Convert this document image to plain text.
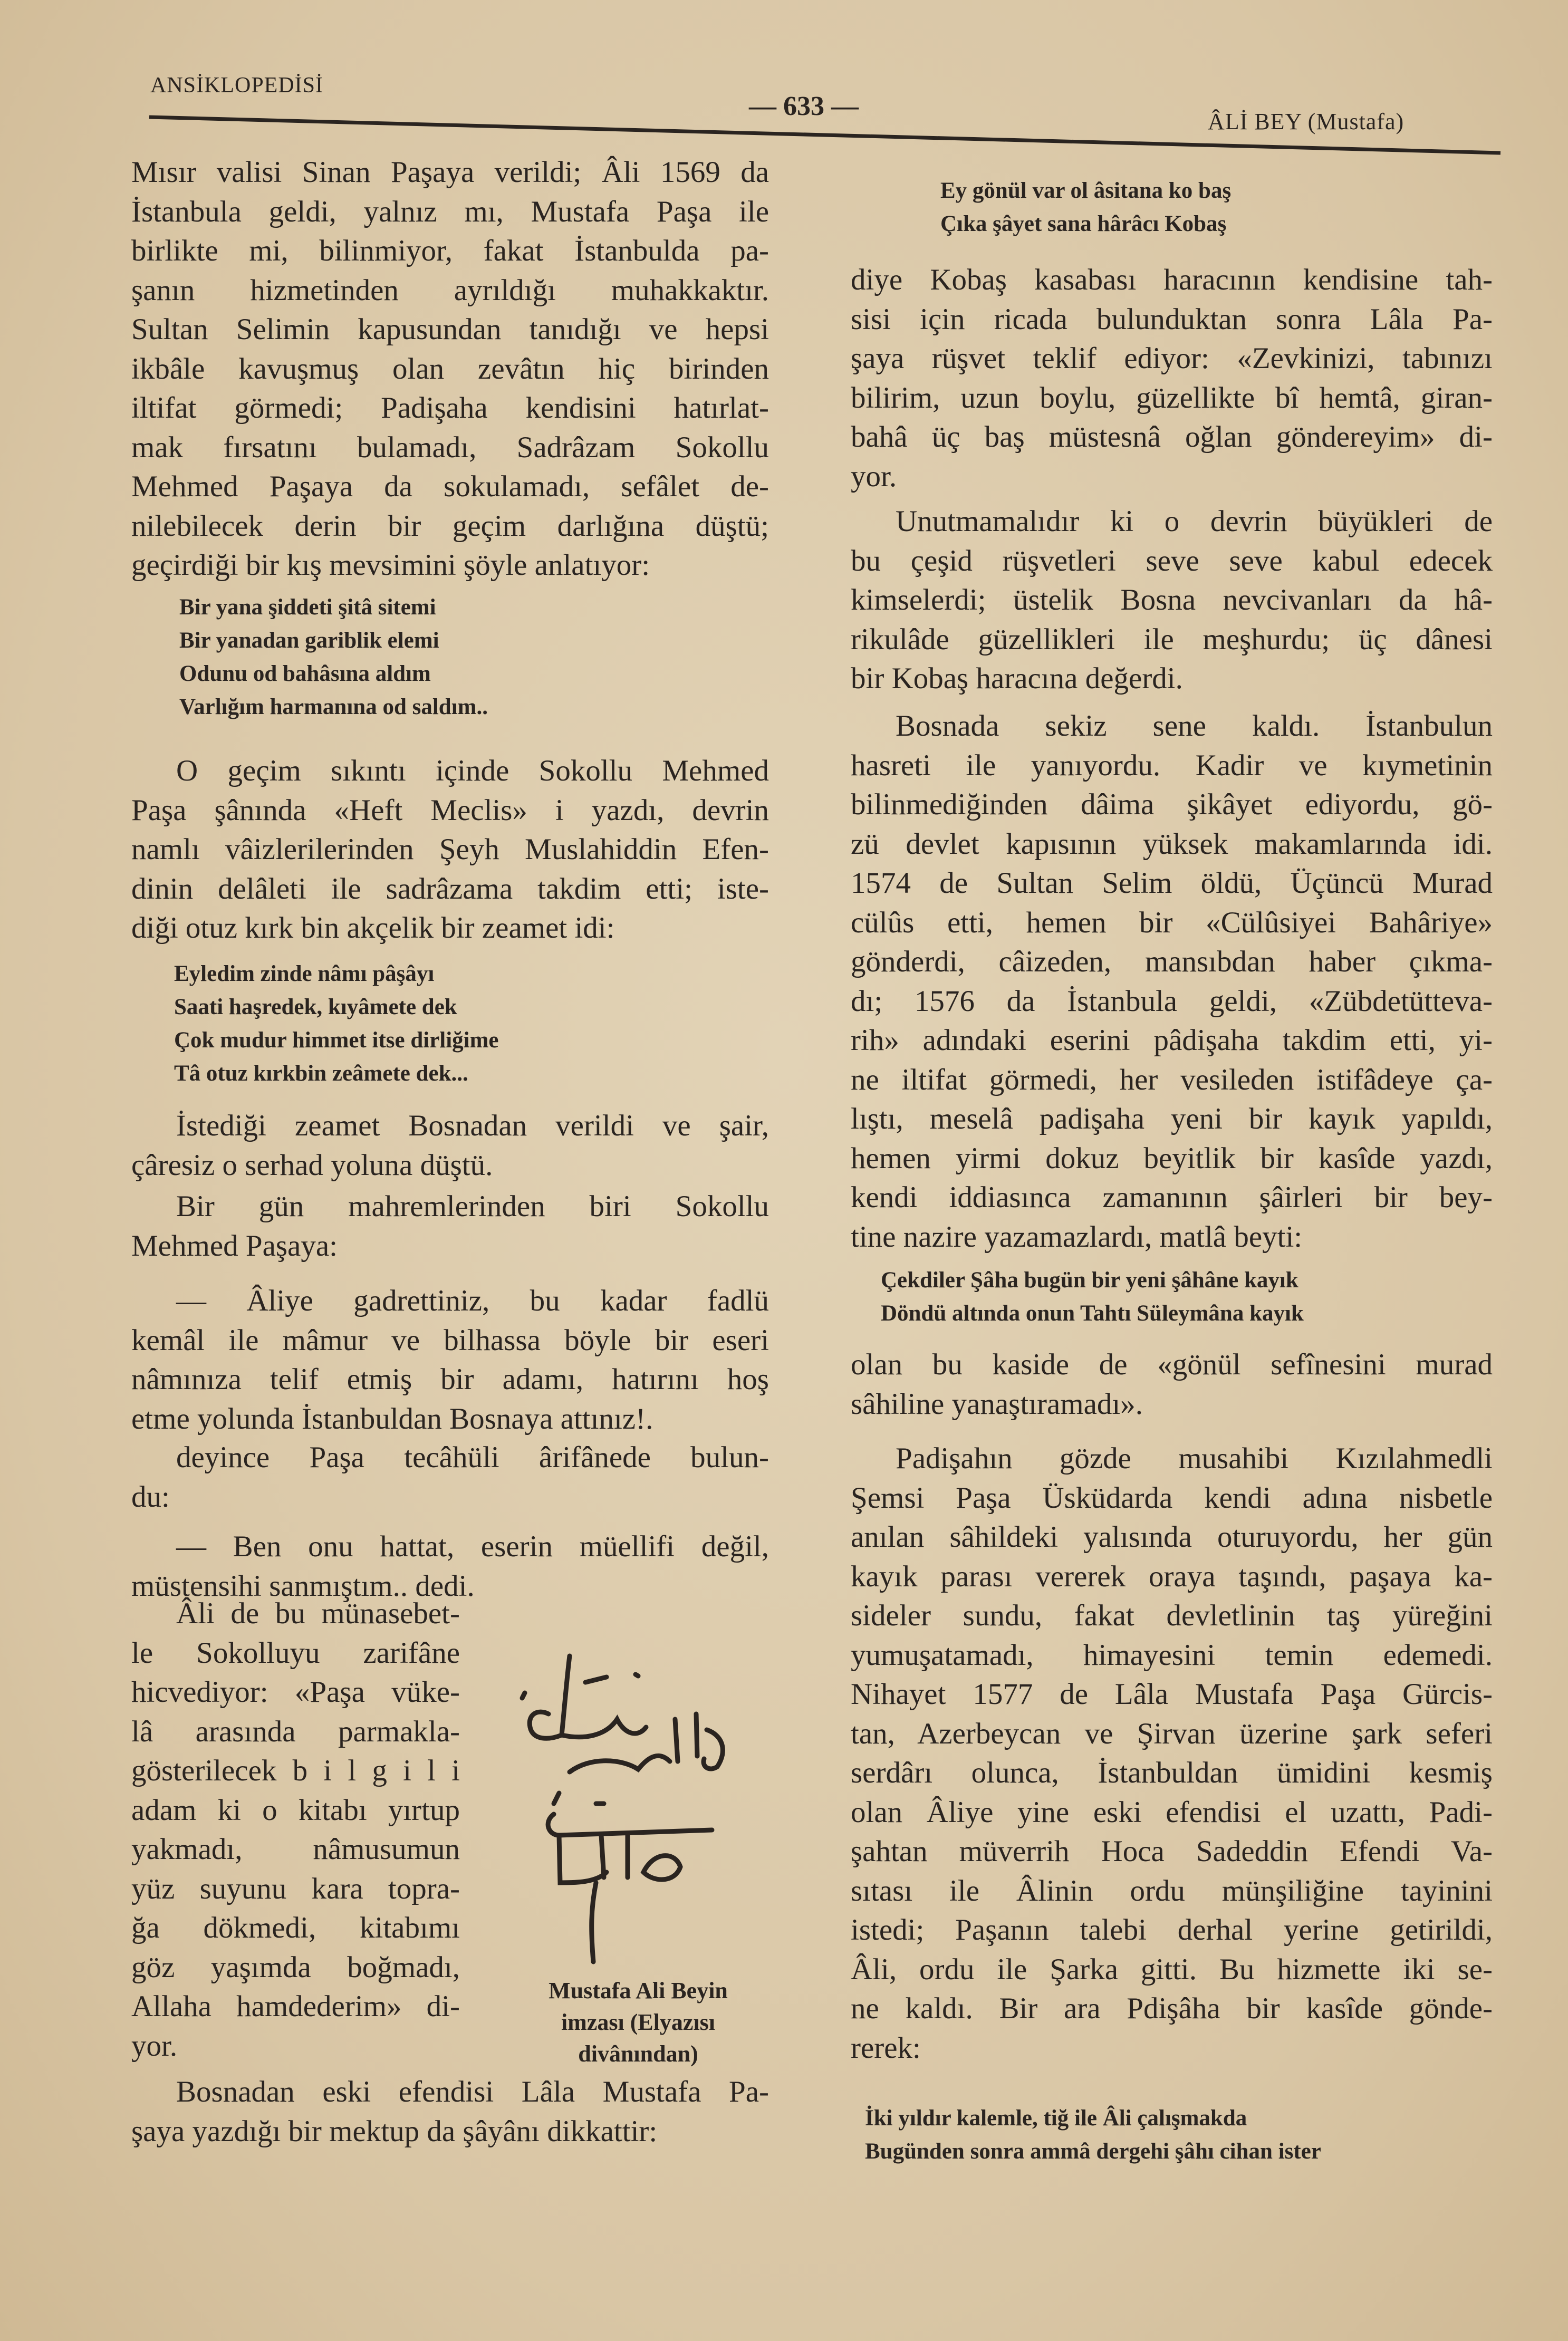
ANSİKLOPEDİSİ
— 633 —
ÂLİ BEY (Mustafa)
Mısır valisi Sinan Paşaya verildi; Âli 1569 da
İstanbula geldi, yalnız mı, Mustafa Paşa ile
birlikte mi, bilinmiyor, fakat İstanbulda pa-
şanın hizmetinden ayrıldığı muhakkaktır.
Sultan Selimin kapusundan tanıdığı ve hepsi
ikbâle kavuşmuş olan zevâtın hiç birinden
iltifat görmedi; Padişaha kendisini hatırlat-
mak fırsatını bulamadı, Sadrâzam Sokollu
Mehmed Paşaya da sokulamadı, sefâlet de-
nilebilecek derin bir geçim darlığına düştü;
geçirdiği bir kış mevsimini şöyle anlatıyor:
Bir yana şiddeti şitâ sitemi
Bir yanadan gariblik elemi
Odunu od bahâsına aldım
Varlığım harmanına od saldım..
O geçim sıkıntı içinde Sokollu Mehmed
Paşa şânında «Heft Meclis» i yazdı, devrin
namlı vâizlerilerinden Şeyh Muslahiddin Efen-
dinin delâleti ile sadrâzama takdim etti; iste-
diği otuz kırk bin akçelik bir zeamet idi:
Eyledim zinde nâmı pâşâyı
Saati haşredek, kıyâmete dek
Çok mudur himmet itse dirliğime
Tâ otuz kırkbin zeâmete dek...
İstediği zeamet Bosnadan verildi ve şair,
çâresiz o serhad yoluna düştü.
Bir gün mahremlerinden biri Sokollu
Mehmed Paşaya:
— Âliye gadrettiniz, bu kadar fadlü
kemâl ile mâmur ve bilhassa böyle bir eseri
nâmınıza telif etmiş bir adamı, hatırını hoş
etme yolunda İstanbuldan Bosnaya attınız!.
deyince Paşa tecâhüli ârifânede bulun-
du:
— Ben onu hattat, eserin müellifi değil,
müstensihi sanmıştım.. dedi.
Âli de bu münasebet-
le Sokolluyu zarifâne
hicvediyor: «Paşa vüke-
lâ arasında parmakla-
gösterilecek b i l g i l i
adam ki o kitabı yırtup
yakmadı, nâmusumun
yüz suyunu kara topra-
ğa dökmedi, kitabımı
göz yaşımda boğmadı,
Allaha hamdederim» di-
yor.
Bosnadan eski efendisi Lâla Mustafa Pa-
şaya yazdığı bir mektup da şâyânı dikkattir:
Ey gönül var ol âsitana ko baş
Çıka şâyet sana hârâcı Kobaş
diye Kobaş kasabası haracının kendisine tah-
sisi için ricada bulunduktan sonra Lâla Pa-
şaya rüşvet teklif ediyor: «Zevkinizi, tabınızı
bilirim, uzun boylu, güzellikte bî hemtâ, giran-
bahâ üç baş müstesnâ oğlan göndereyim» di-
yor.
Unutmamalıdır ki o devrin büyükleri de
bu çeşid rüşvetleri seve seve kabul edecek
kimselerdi; üstelik Bosna nevcivanları da hâ-
rikulâde güzellikleri ile meşhurdu; üç dânesi
bir Kobaş haracına değerdi.
Bosnada sekiz sene kaldı. İstanbulun
hasreti ile yanıyordu. Kadir ve kıymetinin
bilinmediğinden dâima şikâyet ediyordu, gö-
zü devlet kapısının yüksek makamlarında idi.
1574 de Sultan Selim öldü, Üçüncü Murad
cülûs etti, hemen bir «Cülûsiyei Bahâriye»
gönderdi, câizeden, mansıbdan haber çıkma-
dı; 1576 da İstanbula geldi, «Zübdetütteva-
rih» adındaki eserini pâdişaha takdim etti, yi-
ne iltifat görmedi, her vesileden istifâdeye ça-
lıştı, meselâ padişaha yeni bir kayık yapıldı,
hemen yirmi dokuz beyitlik bir kasîde yazdı,
kendi iddiasınca zamanının şâirleri bir bey-
tine nazire yazamazlardı, matlâ beyti:
Çekdiler Şâha bugün bir yeni şâhâne kayık
Döndü altında onun Tahtı Süleymâna kayık
olan bu kaside de «gönül sefînesini murad
sâhiline yanaştıramadı».
Padişahın gözde musahibi Kızılahmedli
Şemsi Paşa Üsküdarda kendi adına nisbetle
anılan sâhildeki yalısında oturuyordu, her gün
kayık parası vererek oraya taşındı, paşaya ka-
sideler sundu, fakat devletlinin taş yüreğini
yumuşatamadı, himayesini temin edemedi.
Nihayet 1577 de Lâla Mustafa Paşa Gürcis-
tan, Azerbeycan ve Şirvan üzerine şark seferi
serdârı olunca, İstanbuldan ümidini kesmiş
olan Âliye yine eski efendisi el uzattı, Padi-
şahtan müverrih Hoca Sadeddin Efendi Va-
sıtası ile Âlinin ordu münşiliğine tayinini
istedi; Paşanın talebi derhal yerine getirildi,
Âli, ordu ile Şarka gitti. Bu hizmette iki se-
ne kaldı. Bir ara Pdişâha bir kasîde gönde-
rerek:
İki yıldır kalemle, tiğ ile Âli çalışmakda
Bugünden sonra ammâ dergehi şâhı cihan ister
Mustafa Ali Beyin
imzası (Elyazısı
divânından)
